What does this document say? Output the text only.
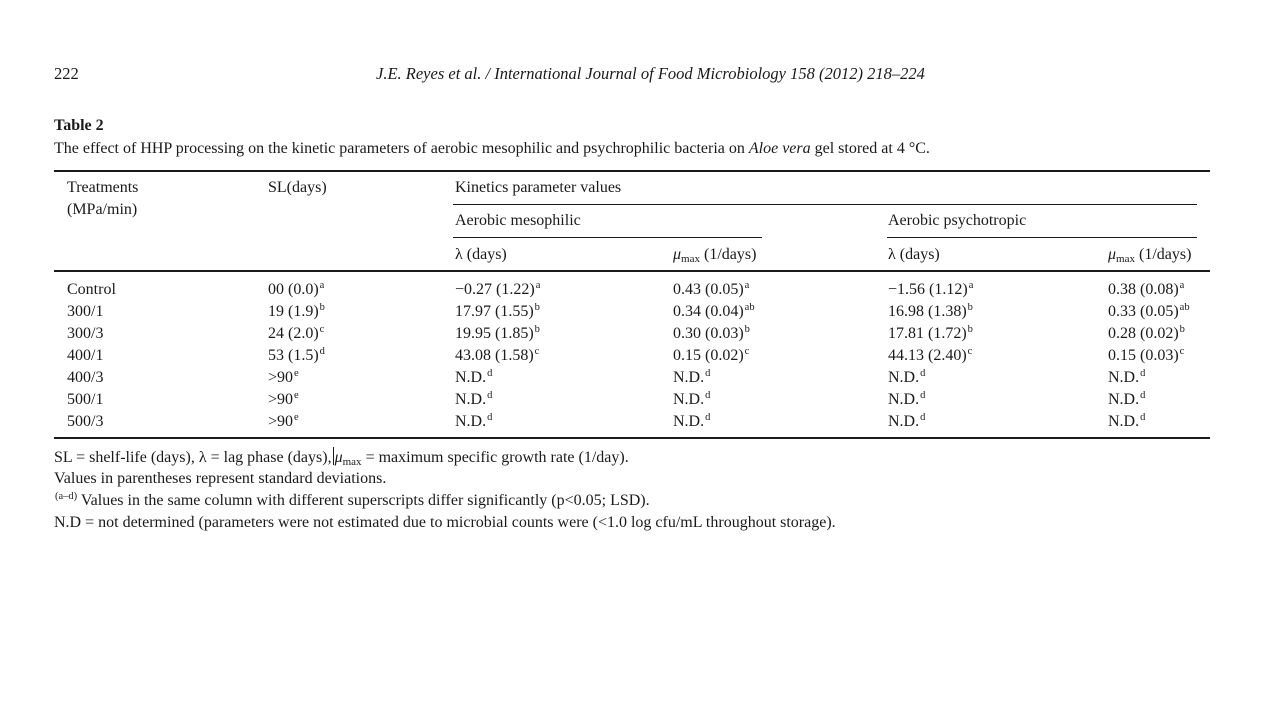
222	J.E. Reyes et al. / International Journal of Food Microbiology 158 (2012) 218–224
Table 2
The effect of HHP processing on the kinetic parameters of aerobic mesophilic and psychrophilic bacteria on Aloe vera gel stored at 4 °C.
Treatments
(MPa/min)
SL(days)	Kinetics parameter values
Aerobic mesophilic	Aerobic psychotropic
λ (days)	μmax (1/days)	λ (days)	μmax (1/days)
Control	00 $(0.0)^a$	−0.27 $(1.22)^a$	0.43 $(0.05)^a$	−1.56 $(1.12)^a$	0.38 $(0.08)^a$
300/1	19 $(1.9)^b$	17.97 $(1.55)^b$	0.34 $(0.04)^{ab}$	16.98 $(1.38)^b$	0.33 $(0.05)^{ab}$
300/3	24 $(2.0)^c$	19.95 $(1.85)^b$	0.30 $(0.03)^b$	17.81 $(1.72)^b$	0.28 $(0.02)^b$
400/1	53 $(1.5)^d$	43.08 $(1.58)^c$	0.15 $(0.02)^c$	44.13 $(2.40)^c$	0.15 $(0.03)^c$
400/3	$>90^e$	N.D.$^d$	N.D.$^d$	N.D.$^d$	N.D.$^d$
500/1	$>90^e$	N.D.$^d$	N.D.$^d$	N.D.$^d$	N.D.$^d$
500/3	$>90^e$	N.D.$^d$	N.D.$^d$	N.D.$^d$	N.D.$^d$
SL = shelf-life (days), λ = lag phase (days), μmax = maximum specific growth rate (1/day).
Values in parentheses represent standard deviations.
$^{(a-d)}$ Values in the same column with different superscripts differ significantly (p<0.05; LSD).
N.D = not determined (parameters were not estimated due to microbial counts were (<1.0 log cfu/mL throughout storage).
